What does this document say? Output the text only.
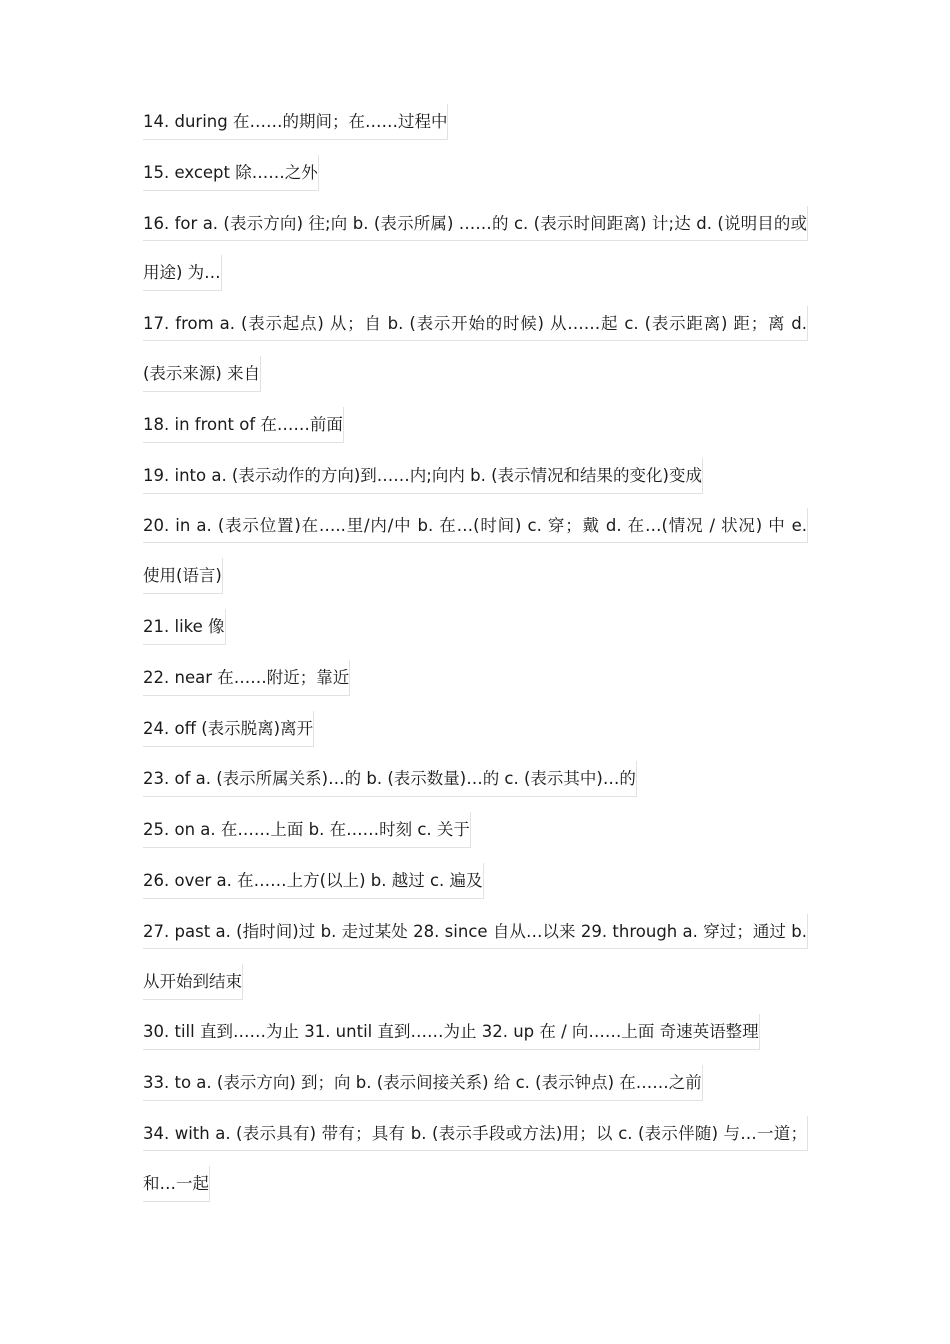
14. during 在……的期间；在……过程中
15. except 除……之外
16. for a. (表示方向) 往;向 b. (表示所属) ……的 c. (表示时间距离) 计;达 d. (说明目的或
用途) 为…
17. from a. (表示起点) 从；自 b. (表示开始的时候) 从……起 c. (表示距离) 距；离 d.
(表示来源) 来自
18. in front of 在……前面
19. into a. (表示动作的方向)到……内;向内 b. (表示情况和结果的变化)变成
20. in a. (表示位置)在…..里/内/中 b. 在…(时间) c. 穿；戴 d. 在…(情况 / 状况) 中 e.
使用(语言)
21. like 像
22. near 在……附近；靠近
24. off (表示脱离)离开
23. of a. (表示所属关系)…的 b. (表示数量)…的 c. (表示其中)…的
25. on a. 在……上面 b. 在……时刻 c. 关于
26. over a. 在……上方(以上) b. 越过 c. 遍及
27. past a. (指时间)过 b. 走过某处 28. since 自从…以来 29. through a. 穿过；通过 b.
从开始到结束
30. till 直到……为止 31. until 直到……为止 32. up 在 / 向……上面 奇速英语整理
33. to a. (表示方向) 到；向 b. (表示间接关系) 给 c. (表示钟点) 在……之前
34. with a. (表示具有) 带有；具有 b. (表示手段或方法)用；以 c. (表示伴随) 与…一道；
和…一起
